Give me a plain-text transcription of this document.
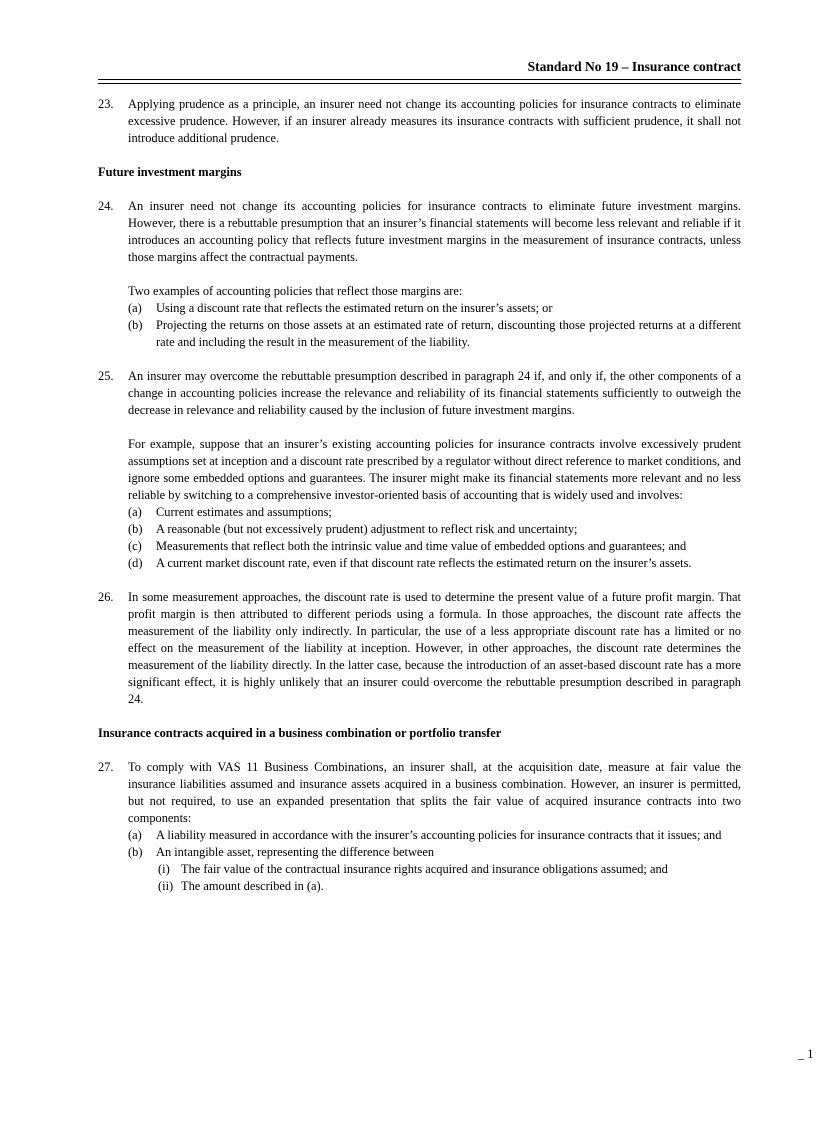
Standard No 19 – Insurance contract
23. Applying prudence as a principle, an insurer need not change its accounting policies for insurance contracts to eliminate excessive prudence. However, if an insurer already measures its insurance contracts with sufficient prudence, it shall not introduce additional prudence.

Future investment margins

24. An insurer need not change its accounting policies for insurance contracts to eliminate future investment margins. However, there is a rebuttable presumption that an insurer’s financial statements will become less relevant and reliable if it introduces an accounting policy that reflects future investment margins in the measurement of insurance contracts, unless those margins affect the contractual payments.
Two examples of accounting policies that reflect those margins are:
(a) Using a discount rate that reflects the estimated return on the insurer’s assets; or
(b) Projecting the returns on those assets at an estimated rate of return, discounting those projected returns at a different rate and including the result in the measurement of the liability.
25. An insurer may overcome the rebuttable presumption described in paragraph 24 if, and only if, the other components of a change in accounting policies increase the relevance and reliability of its financial statements sufficiently to outweigh the decrease in relevance and reliability caused by the inclusion of future investment margins.
For example, suppose that an insurer’s existing accounting policies for insurance contracts involve excessively prudent assumptions set at inception and a discount rate prescribed by a regulator without direct reference to market conditions, and ignore some embedded options and guarantees. The insurer might make its financial statements more relevant and no less reliable by switching to a comprehensive investor-oriented basis of accounting that is widely used and involves:
(a) Current estimates and assumptions;
(b) A reasonable (but not excessively prudent) adjustment to reflect risk and uncertainty;
(c) Measurements that reflect both the intrinsic value and time value of embedded options and guarantees; and
(d) A current market discount rate, even if that discount rate reflects the estimated return on the insurer’s assets.
26. In some measurement approaches, the discount rate is used to determine the present value of a future profit margin. That profit margin is then attributed to different periods using a formula. In those approaches, the discount rate affects the measurement of the liability only indirectly. In particular, the use of a less appropriate discount rate has a limited or no effect on the measurement of the liability at inception. However, in other approaches, the discount rate determines the measurement of the liability directly. In the latter case, because the introduction of an asset-based discount rate has a more significant effect, it is highly unlikely that an insurer could overcome the rebuttable presumption described in paragraph 24.

Insurance contracts acquired in a business combination or portfolio transfer

27. To comply with VAS 11 Business Combinations, an insurer shall, at the acquisition date, measure at fair value the insurance liabilities assumed and insurance assets acquired in a business combination. However, an insurer is permitted, but not required, to use an expanded presentation that splits the fair value of acquired insurance contracts into two components:
(a) A liability measured in accordance with the insurer’s accounting policies for insurance contracts that it issues; and
(b) An intangible asset, representing the difference between
(i) The fair value of the contractual insurance rights acquired and insurance obligations assumed; and
(ii) The amount described in (a).
_ 1
